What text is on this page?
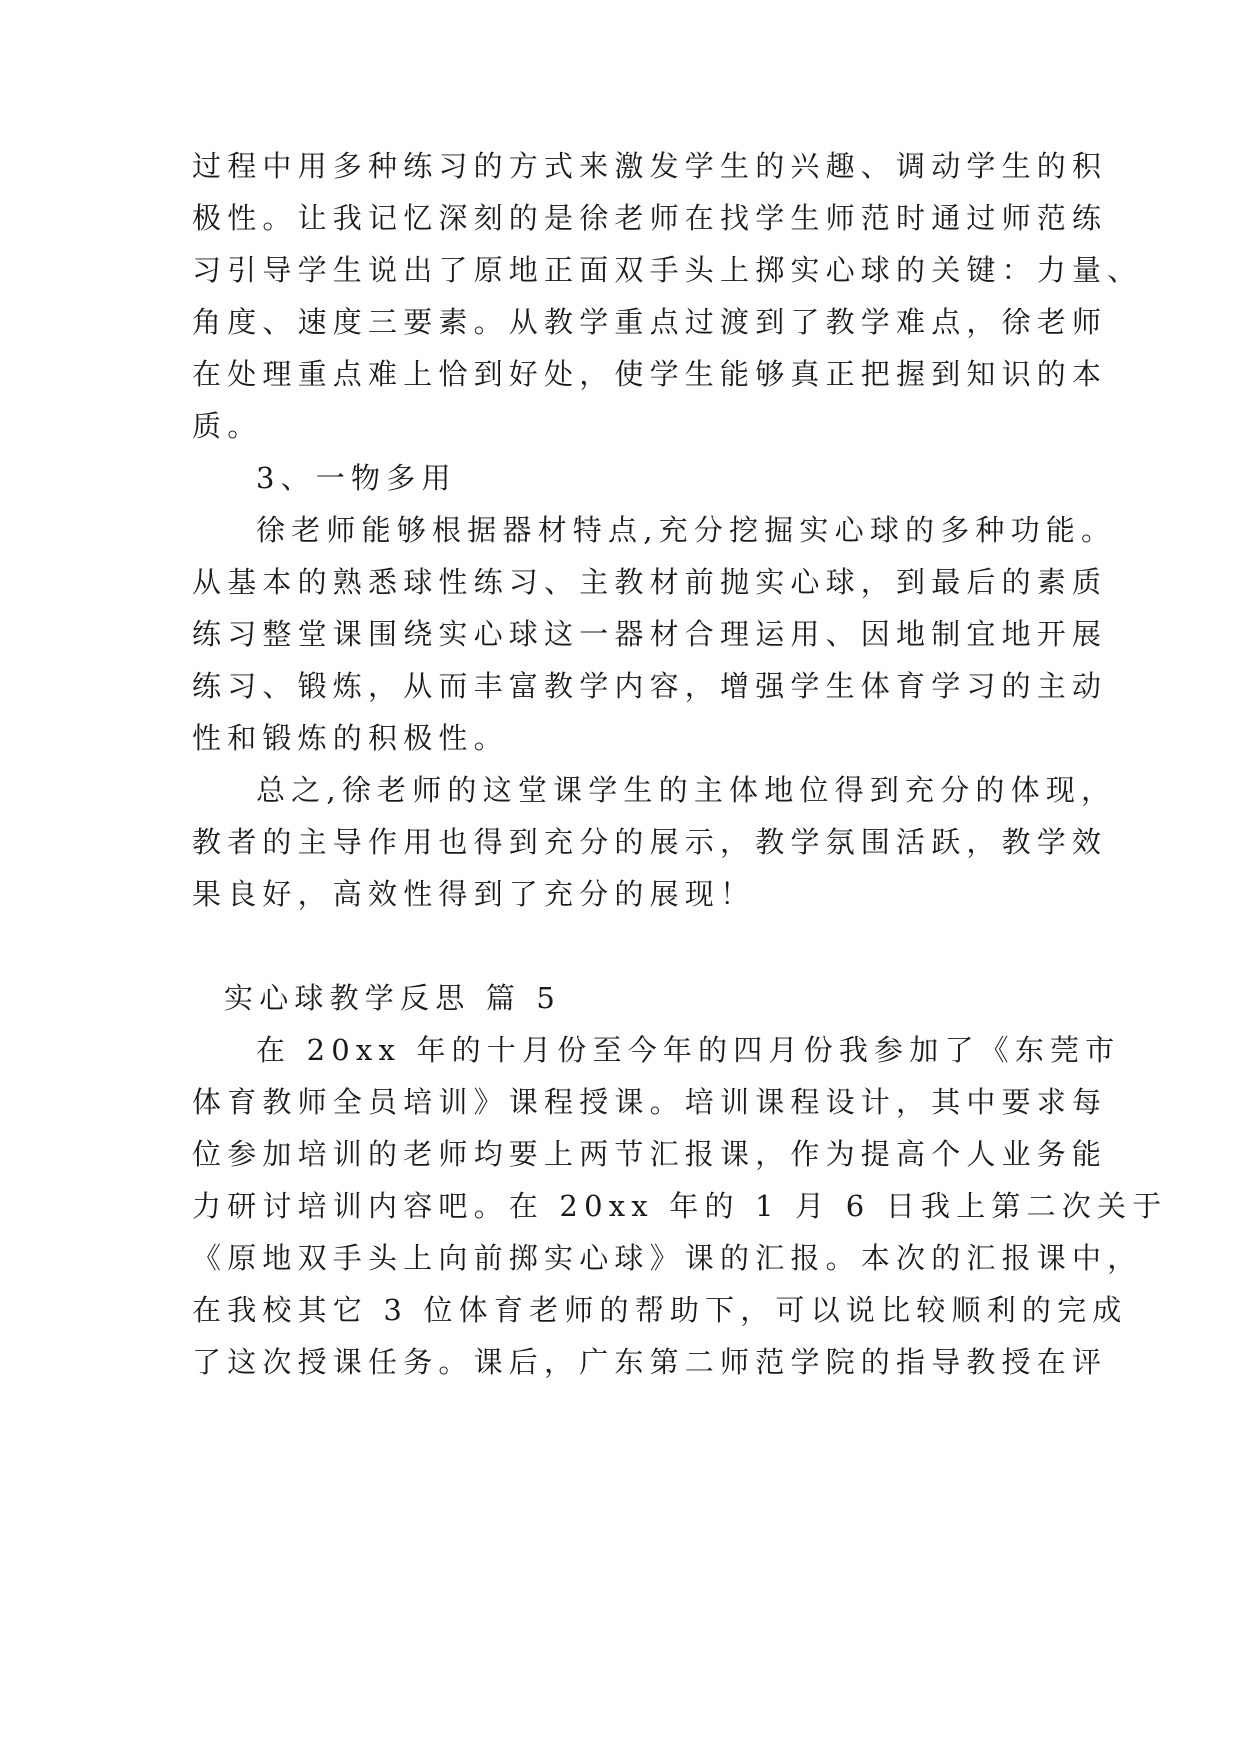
过程中用多种练习的方式来激发学生的兴趣、调动学生的积
极性。让我记忆深刻的是徐老师在找学生师范时通过师范练
习引导学生说出了原地正面双手头上掷实心球的关键：力量、
角度、速度三要素。从教学重点过渡到了教学难点，徐老师
在处理重点难上恰到好处，使学生能够真正把握到知识的本
质。
3、一物多用
徐老师能够根据器材特点,充分挖掘实心球的多种功能。
从基本的熟悉球性练习、主教材前抛实心球，到最后的素质
练习整堂课围绕实心球这一器材合理运用、因地制宜地开展
练习、锻炼，从而丰富教学内容，增强学生体育学习的主动
性和锻炼的积极性。
总之,徐老师的这堂课学生的主体地位得到充分的体现，
教者的主导作用也得到充分的展示，教学氛围活跃，教学效
果良好，高效性得到了充分的展现！
实心球教学反思 篇 5
在 20xx 年的十月份至今年的四月份我参加了《东莞市
体育教师全员培训》课程授课。培训课程设计，其中要求每
位参加培训的老师均要上两节汇报课，作为提高个人业务能
力研讨培训内容吧。在 20xx 年的 1 月 6 日我上第二次关于
《原地双手头上向前掷实心球》课的汇报。本次的汇报课中，
在我校其它 3 位体育老师的帮助下，可以说比较顺利的完成
了这次授课任务。课后，广东第二师范学院的指导教授在评
